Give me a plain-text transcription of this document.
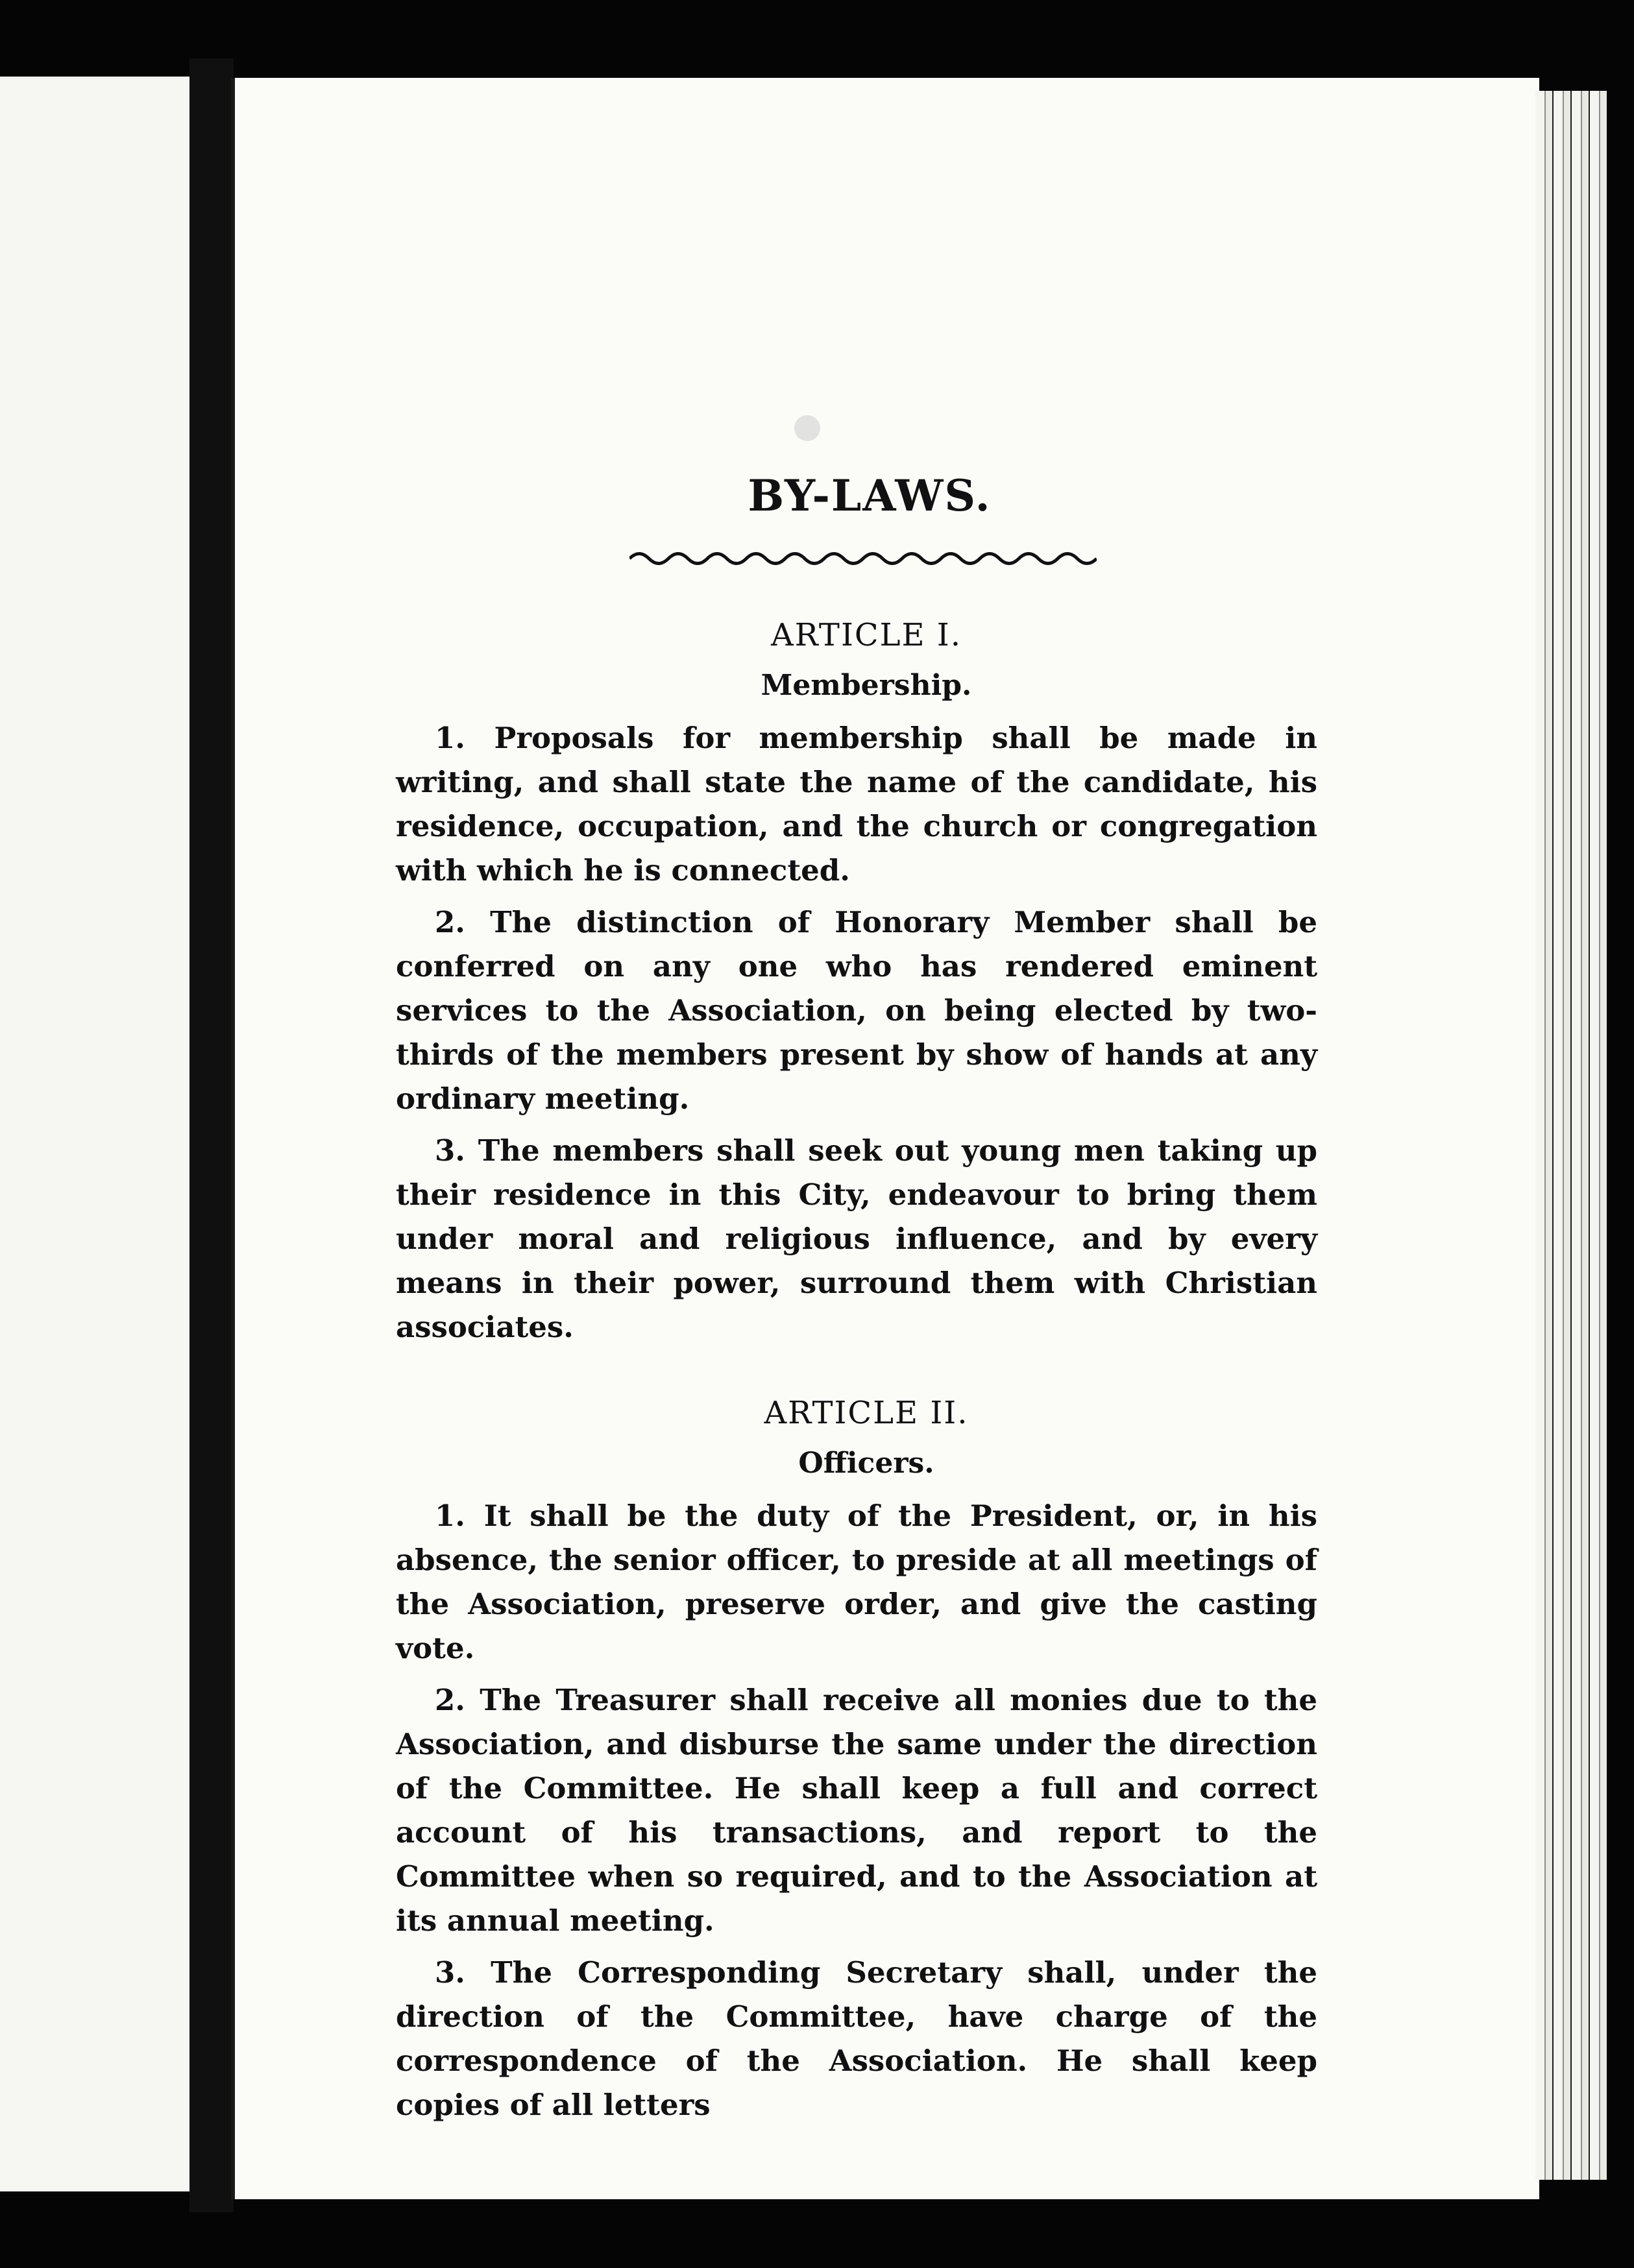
BY-LAWS.
ARTICLE I.
Membership.

1. Proposals for membership shall be made in writing, and shall state the name of the candidate, his residence, occupation, and the church or congregation with which he is connected.

2. The distinction of Honorary Member shall be conferred on any one who has rendered eminent services to the Association, on being elected by two-thirds of the members present by show of hands at any ordinary meeting.

3. The members shall seek out young men taking up their residence in this City, endeavour to bring them under moral and religious influence, and by every means in their power, surround them with Christian associates.

ARTICLE II.
Officers.

1. It shall be the duty of the President, or, in his absence, the senior officer, to preside at all meetings of the Association, preserve order, and give the casting vote.

2. The Treasurer shall receive all monies due to the Association, and disburse the same under the direction of the Committee. He shall keep a full and correct account of his transactions, and report to the Committee when so required, and to the Association at its annual meeting.

3. The Corresponding Secretary shall, under the direction of the Committee, have charge of the correspondence of the Association. He shall keep copies of all letters
